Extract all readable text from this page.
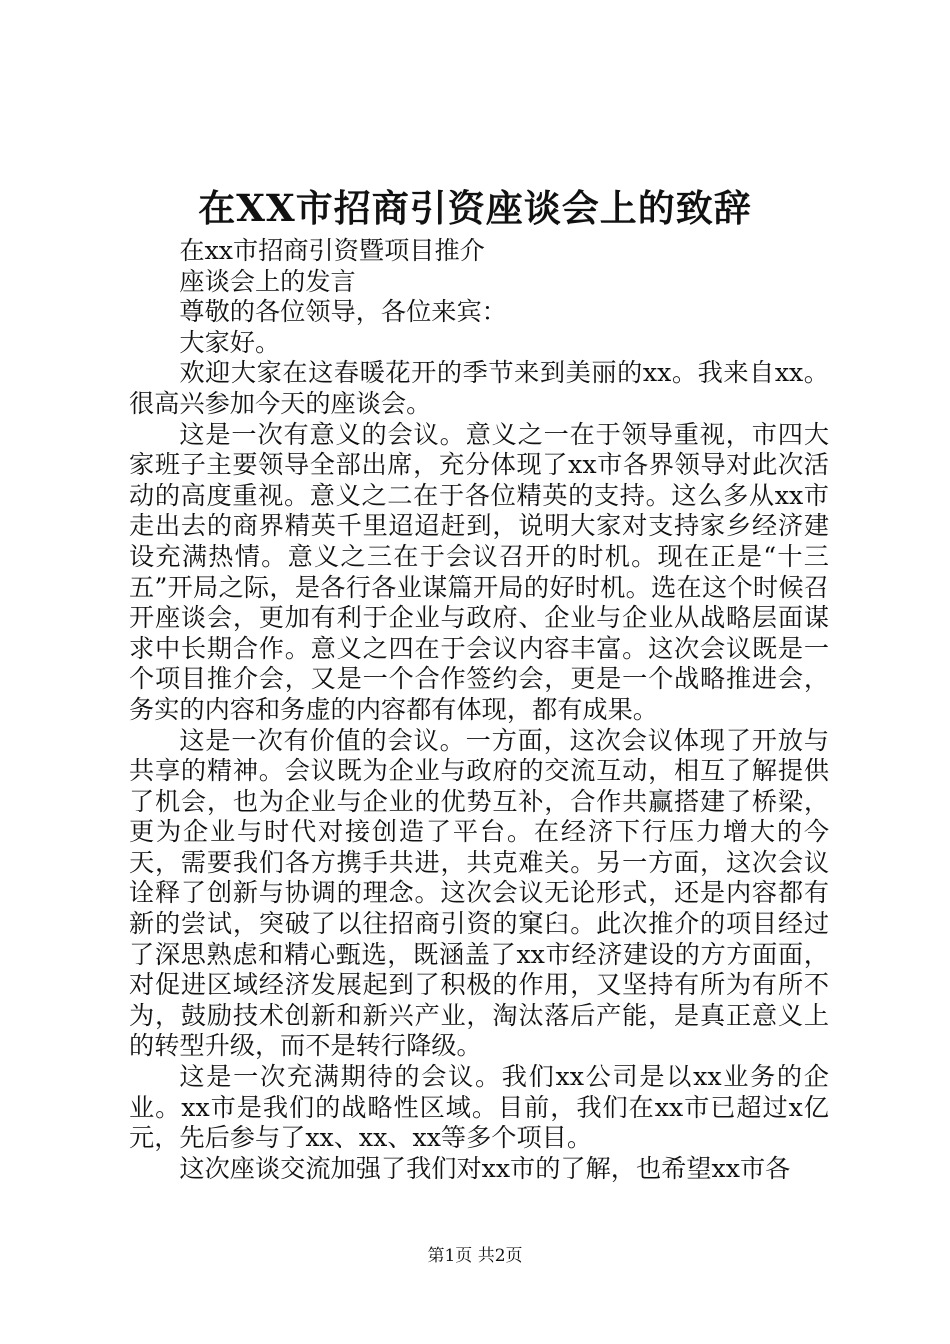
在XX市招商引资座谈会上的致辞

在xx市招商引资暨项目推介

座谈会上的发言

尊敬的各位领导，各位来宾：

大家好。

欢迎大家在这春暖花开的季节来到美丽的xx。我来自xx。很高兴参加今天的座谈会。

这是一次有意义的会议。意义之一在于领导重视，市四大家班子主要领导全部出席，充分体现了xx市各界领导对此次活动的高度重视。意义之二在于各位精英的支持。这么多从xx市走出去的商界精英千里迢迢赶到，说明大家对支持家乡经济建设充满热情。意义之三在于会议召开的时机。现在正是“十三五”开局之际，是各行各业谋篇开局的好时机。选在这个时候召开座谈会，更加有利于企业与政府、企业与企业从战略层面谋求中长期合作。意义之四在于会议内容丰富。这次会议既是一个项目推介会，又是一个合作签约会，更是一个战略推进会，务实的内容和务虚的内容都有体现，都有成果。

这是一次有价值的会议。一方面，这次会议体现了开放与共享的精神。会议既为企业与政府的交流互动，相互了解提供了机会，也为企业与企业的优势互补，合作共赢搭建了桥梁，更为企业与时代对接创造了平台。在经济下行压力增大的今天，需要我们各方携手共进，共克难关。另一方面，这次会议诠释了创新与协调的理念。这次会议无论形式，还是内容都有新的尝试，突破了以往招商引资的窠臼。此次推介的项目经过了深思熟虑和精心甄选，既涵盖了xx市经济建设的方方面面，对促进区域经济发展起到了积极的作用，又坚持有所为有所不为，鼓励技术创新和新兴产业，淘汰落后产能，是真正意义上的转型升级，而不是转行降级。

这是一次充满期待的会议。我们xx公司是以xx业务的企业。xx市是我们的战略性区域。目前，我们在xx市已超过x亿元，先后参与了xx、xx、xx等多个项目。

这次座谈交流加强了我们对xx市的了解，也希望xx市各

第1页 共2页
